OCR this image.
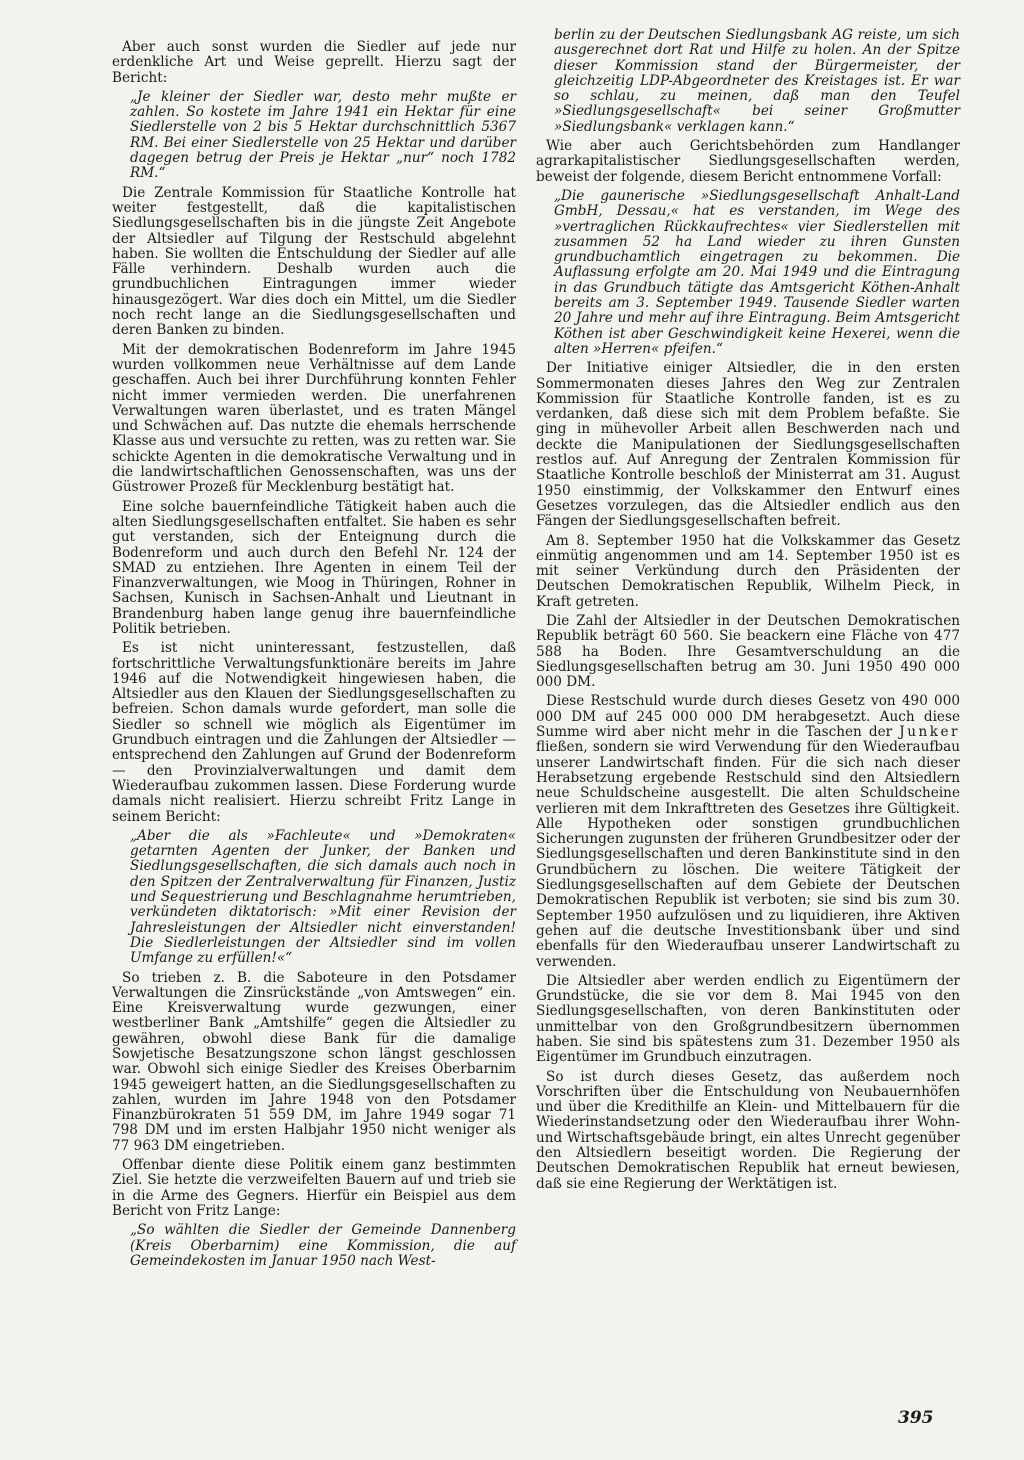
Aber auch sonst wurden die Siedler auf jede nur erdenkliche Art und Weise geprellt. Hierzu sagt der Bericht:

„Je kleiner der Siedler war, desto mehr mußte er zahlen. So kostete im Jahre 1941 ein Hektar für eine Siedlerstelle von 2 bis 5 Hektar durchschnittlich 5367 RM. Bei einer Siedlerstelle von 25 Hektar und darüber dagegen betrug der Preis je Hektar „nur“ noch 1782 RM.“

Die Zentrale Kommission für Staatliche Kontrolle hat weiter festgestellt, daß die kapitalistischen Siedlungsgesellschaften bis in die jüngste Zeit Angebote der Altsiedler auf Tilgung der Restschuld abgelehnt haben. Sie wollten die Entschuldung der Siedler auf alle Fälle verhindern. Deshalb wurden auch die grundbuchlichen Eintragungen immer wieder hinausgezögert. War dies doch ein Mittel, um die Siedler noch recht lange an die Siedlungsgesellschaften und deren Banken zu binden.

Mit der demokratischen Bodenreform im Jahre 1945 wurden vollkommen neue Verhältnisse auf dem Lande geschaffen. Auch bei ihrer Durchführung konnten Fehler nicht immer vermieden werden. Die unerfahrenen Verwaltungen waren überlastet, und es traten Mängel und Schwächen auf. Das nutzte die ehemals herrschende Klasse aus und versuchte zu retten, was zu retten war. Sie schickte Agenten in die demokratische Verwaltung und in die landwirtschaftlichen Genossenschaften, was uns der Güstrower Prozeß für Mecklenburg bestätigt hat.

Eine solche bauernfeindliche Tätigkeit haben auch die alten Siedlungsgesellschaften entfaltet. Sie haben es sehr gut verstanden, sich der Enteignung durch die Bodenreform und auch durch den Befehl Nr. 124 der SMAD zu entziehen. Ihre Agenten in einem Teil der Finanzverwaltungen, wie Moog in Thüringen, Rohner in Sachsen, Kunisch in Sachsen-Anhalt und Lieutnant in Brandenburg haben lange genug ihre bauernfeindliche Politik betrieben.

Es ist nicht uninteressant, festzustellen, daß fortschrittliche Verwaltungsfunktionäre bereits im Jahre 1946 auf die Notwendigkeit hingewiesen haben, die Altsiedler aus den Klauen der Siedlungsgesellschaften zu befreien. Schon damals wurde gefordert, man solle die Siedler so schnell wie möglich als Eigentümer im Grundbuch eintragen und die Zahlungen der Altsiedler — entsprechend den Zahlungen auf Grund der Bodenreform — den Provinzialverwaltungen und damit dem Wiederaufbau zukommen lassen. Diese Forderung wurde damals nicht realisiert. Hierzu schreibt Fritz Lange in seinem Bericht:

„Aber die als »Fachleute« und »Demokraten« getarnten Agenten der Junker, der Banken und Siedlungsgesellschaften, die sich damals auch noch in den Spitzen der Zentralverwaltung für Finanzen, Justiz und Sequestrierung und Beschlagnahme herumtrieben, verkündeten diktatorisch: »Mit einer Revision der Jahresleistungen der Altsiedler nicht einverstanden! Die Siedlerleistungen der Altsiedler sind im vollen Umfange zu erfüllen!«“

So trieben z. B. die Saboteure in den Potsdamer Verwaltungen die Zinsrückstände „von Amtswegen“ ein. Eine Kreisverwaltung wurde gezwungen, einer westberliner Bank „Amtshilfe“ gegen die Altsiedler zu gewähren, obwohl diese Bank für die damalige Sowjetische Besatzungszone schon längst geschlossen war. Obwohl sich einige Siedler des Kreises Oberbarnim 1945 geweigert hatten, an die Siedlungsgesellschaften zu zahlen, wurden im Jahre 1948 von den Potsdamer Finanzbürokraten 51 559 DM, im Jahre 1949 sogar 71 798 DM und im ersten Halbjahr 1950 nicht weniger als 77 963 DM eingetrieben.

Offenbar diente diese Politik einem ganz bestimmten Ziel. Sie hetzte die verzweifelten Bauern auf und trieb sie in die Arme des Gegners. Hierfür ein Beispiel aus dem Bericht von Fritz Lange:

„So wählten die Siedler der Gemeinde Dannenberg (Kreis Oberbarnim) eine Kommission, die auf Gemeindekosten im Januar 1950 nach West-

berlin zu der Deutschen Siedlungsbank AG reiste, um sich ausgerechnet dort Rat und Hilfe zu holen. An der Spitze dieser Kommission stand der Bürgermeister, der gleichzeitig LDP-Abgeordneter des Kreistages ist. Er war so schlau, zu meinen, daß man den Teufel »Siedlungsgesellschaft« bei seiner Großmutter »Siedlungsbank« verklagen kann.“

Wie aber auch Gerichtsbehörden zum Handlanger agrarkapitalistischer Siedlungsgesellschaften werden, beweist der folgende, diesem Bericht entnommene Vorfall:

„Die gaunerische »Siedlungsgesellschaft Anhalt-Land GmbH, Dessau,« hat es verstanden, im Wege des »vertraglichen Rückkaufrechtes« vier Siedlerstellen mit zusammen 52 ha Land wieder zu ihren Gunsten grundbuchamtlich eingetragen zu bekommen. Die Auflassung erfolgte am 20. Mai 1949 und die Eintragung in das Grundbuch tätigte das Amtsgericht Köthen-Anhalt bereits am 3. September 1949. Tausende Siedler warten 20 Jahre und mehr auf ihre Eintragung. Beim Amtsgericht Köthen ist aber Geschwindigkeit keine Hexerei, wenn die alten »Herren« pfeifen.“

Der Initiative einiger Altsiedler, die in den ersten Sommermonaten dieses Jahres den Weg zur Zentralen Kommission für Staatliche Kontrolle fanden, ist es zu verdanken, daß diese sich mit dem Problem befaßte. Sie ging in mühevoller Arbeit allen Beschwerden nach und deckte die Manipulationen der Siedlungsgesellschaften restlos auf. Auf Anregung der Zentralen Kommission für Staatliche Kontrolle beschloß der Ministerrat am 31. August 1950 einstimmig, der Volkskammer den Entwurf eines Gesetzes vorzulegen, das die Altsiedler endlich aus den Fängen der Siedlungsgesellschaften befreit.

Am 8. September 1950 hat die Volkskammer das Gesetz einmütig angenommen und am 14. September 1950 ist es mit seiner Verkündung durch den Präsidenten der Deutschen Demokratischen Republik, Wilhelm Pieck, in Kraft getreten.

Die Zahl der Altsiedler in der Deutschen Demokratischen Republik beträgt 60 560. Sie beackern eine Fläche von 477 588 ha Boden. Ihre Gesamtverschuldung an die Siedlungsgesellschaften betrug am 30. Juni 1950 490 000 000 DM.

Diese Restschuld wurde durch dieses Gesetz von 490 000 000 DM auf 245 000 000 DM herabgesetzt. Auch diese Summe wird aber nicht mehr in die Taschen der Junker fließen, sondern sie wird Verwendung für den Wiederaufbau unserer Landwirtschaft finden. Für die sich nach dieser Herabsetzung ergebende Restschuld sind den Altsiedlern neue Schuldscheine ausgestellt. Die alten Schuldscheine verlieren mit dem Inkrafttreten des Gesetzes ihre Gültigkeit. Alle Hypotheken oder sonstigen grundbuchlichen Sicherungen zugunsten der früheren Grundbesitzer oder der Siedlungsgesellschaften und deren Bankinstitute sind in den Grundbüchern zu löschen. Die weitere Tätigkeit der Siedlungsgesellschaften auf dem Gebiete der Deutschen Demokratischen Republik ist verboten; sie sind bis zum 30. September 1950 aufzulösen und zu liquidieren, ihre Aktiven gehen auf die deutsche Investitionsbank über und sind ebenfalls für den Wiederaufbau unserer Landwirtschaft zu verwenden.

Die Altsiedler aber werden endlich zu Eigentümern der Grundstücke, die sie vor dem 8. Mai 1945 von den Siedlungsgesellschaften, von deren Bankinstituten oder unmittelbar von den Großgrundbesitzern übernommen haben. Sie sind bis spätestens zum 31. Dezember 1950 als Eigentümer im Grundbuch einzutragen.

So ist durch dieses Gesetz, das außerdem noch Vorschriften über die Entschuldung von Neubauernhöfen und über die Kredithilfe an Klein- und Mittelbauern für die Wiederinstandsetzung oder den Wiederaufbau ihrer Wohn- und Wirtschaftsgebäude bringt, ein altes Unrecht gegenüber den Altsiedlern beseitigt worden. Die Regierung der Deutschen Demokratischen Republik hat erneut bewiesen, daß sie eine Regierung der Werktätigen ist.

395
